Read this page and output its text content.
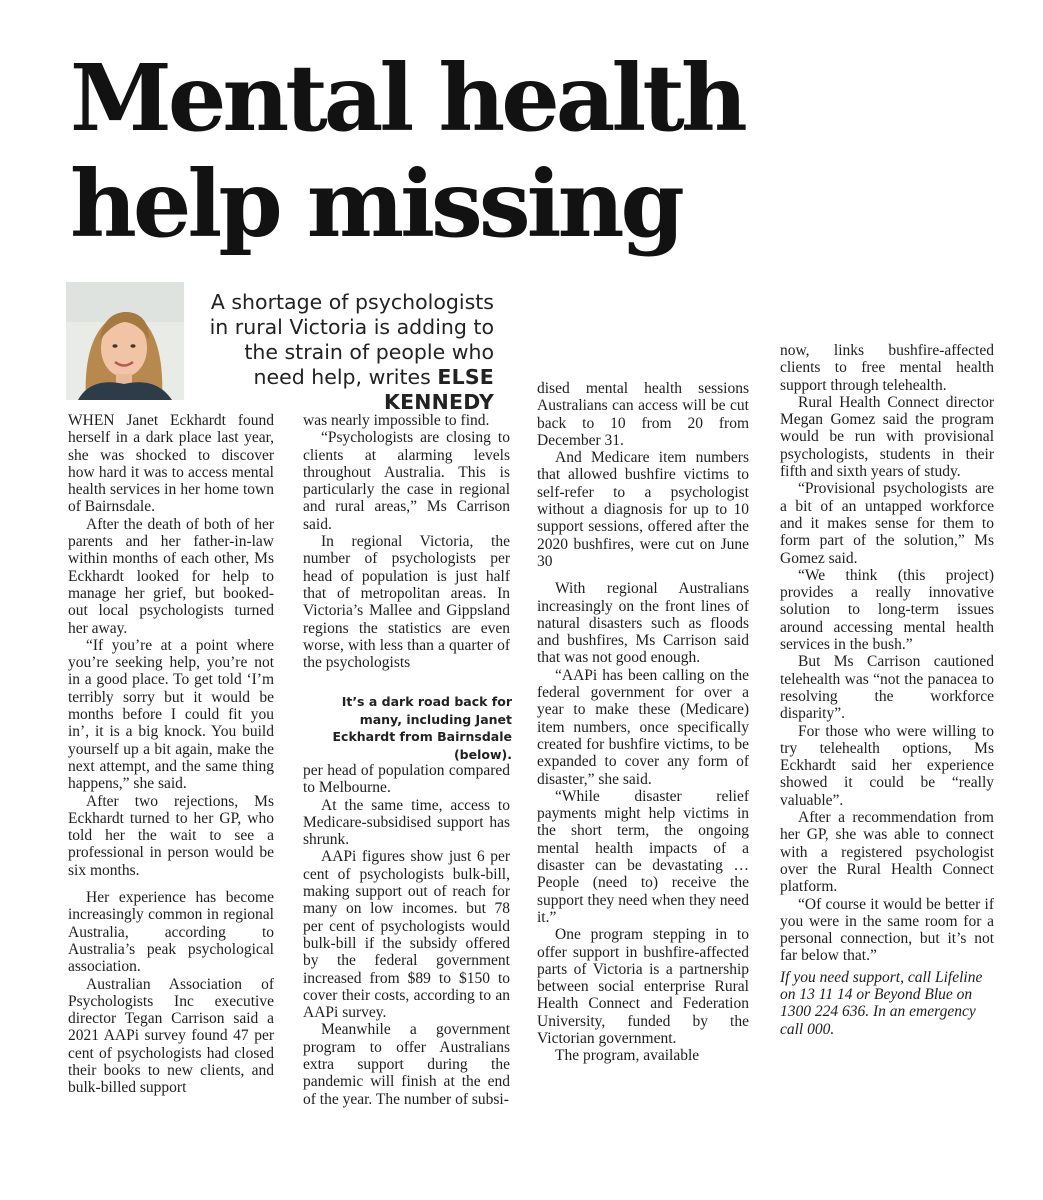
Mental health
help missing

A shortage of psychologists in rural Victoria is adding to the strain of people who need help, writes ELSE KENNEDY

WHEN Janet Eckhardt found herself in a dark place last year, she was shocked to discover how hard it was to access mental health services in her home town of Bairnsdale.

After the death of both of her parents and her father-in-law within months of each other, Ms Eckhardt looked for help to manage her grief, but booked-out local psychologists turned her away.

“If you’re at a point where you’re seeking help, you’re not in a good place. To get told ‘I’m terribly sorry but it would be months before I could fit you in’, it is a big knock. You build yourself up a bit again, make the next attempt, and the same thing happens,” she said.

After two rejections, Ms Eckhardt turned to her GP, who told her the wait to see a professional in person would be six months.

Her experience has become increasingly common in regional Australia, according to Australia’s peak psychological association.

Australian Association of Psychologists Inc executive director Tegan Carrison said a 2021 AAPi survey found 47 per cent of psychologists had closed their books to new clients, and bulk-billed support

was nearly impossible to find.

“Psychologists are closing to clients at alarming levels throughout Australia. This is particularly the case in regional and rural areas,” Ms Carrison said.

In regional Victoria, the number of psychologists per head of population is just half that of metropolitan areas. In Victoria’s Mallee and Gippsland regions the statistics are even worse, with less than a quarter of the psychologists

It’s a dark road back for many, including Janet Eckhardt from Bairnsdale (below).

per head of population compared to Melbourne.

At the same time, access to Medicare-subsidised support has shrunk.

AAPi figures show just 6 per cent of psychologists bulk-bill, making support out of reach for many on low incomes. but 78 per cent of psychologists would bulk-bill if the subsidy offered by the federal government increased from $89 to $150 to cover their costs, according to an AAPi survey.

Meanwhile a government program to offer Australians extra support during the pandemic will finish at the end of the year. The number of subsi-

dised mental health sessions Australians can access will be cut back to 10 from 20 from December 31.

And Medicare item numbers that allowed bushfire victims to self-refer to a psychologist without a diagnosis for up to 10 support sessions, offered after the 2020 bushfires, were cut on June 30

With regional Australians increasingly on the front lines of natural disasters such as floods and bushfires, Ms Carrison said that was not good enough.

“AAPi has been calling on the federal government for over a year to make these (Medicare) item numbers, once specifically created for bushfire victims, to be expanded to cover any form of disaster,” she said.

“While disaster relief payments might help victims in the short term, the ongoing mental health impacts of a disaster can be devastating … People (need to) receive the support they need when they need it.”

One program stepping in to offer support in bushfire-affected parts of Victoria is a partnership between social enterprise Rural Health Connect and Federation University, funded by the Victorian government.

The program, available

now, links bushfire-affected clients to free mental health support through telehealth.

Rural Health Connect director Megan Gomez said the program would be run with provisional psychologists, students in their fifth and sixth years of study.

“Provisional psychologists are a bit of an untapped workforce and it makes sense for them to form part of the solution,” Ms Gomez said.

“We think (this project) provides a really innovative solution to long-term issues around accessing mental health services in the bush.”

But Ms Carrison cautioned telehealth was “not the panacea to resolving the workforce disparity”.

For those who were willing to try telehealth options, Ms Eckhardt said her experience showed it could be “really valuable”.

After a recommendation from her GP, she was able to connect with a registered psychologist over the Rural Health Connect platform.

“Of course it would be better if you were in the same room for a personal connection, but it’s not far below that.”

If you need support, call Lifeline on 13 11 14 or Beyond Blue on 1300 224 636. In an emergency call 000.
